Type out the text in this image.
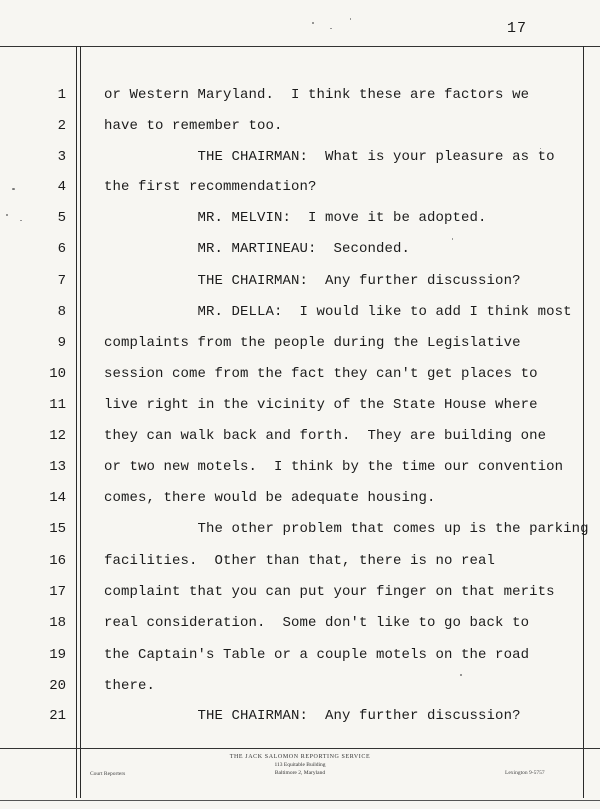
17
1	or Western Maryland.  I think these are factors we
2	have to remember too.
3	THE CHAIRMAN:  What is your pleasure as to
4	the first recommendation?
5	MR. MELVIN:  I move it be adopted.
6	MR. MARTINEAU:  Seconded.
7	THE CHAIRMAN:  Any further discussion?
8	MR. DELLA:  I would like to add I think most
9	complaints from the people during the Legislative
10	session come from the fact they can't get places to
11	live right in the vicinity of the State House where
12	they can walk back and forth.  They are building one
13	or two new motels.  I think by the time our convention
14	comes, there would be adequate housing.
15	The other problem that comes up is the parking
16	facilities.  Other than that, there is no real
17	complaint that you can put your finger on that merits
18	real consideration.  Some don't like to go back to
19	the Captain's Table or a couple motels on the road
20	there.
21	THE CHAIRMAN:  Any further discussion?
THE JACK SALOMON REPORTING SERVICE
113 Equitable Building
Baltimore 2, Maryland
Court Reporters	Lexington 9-5757
